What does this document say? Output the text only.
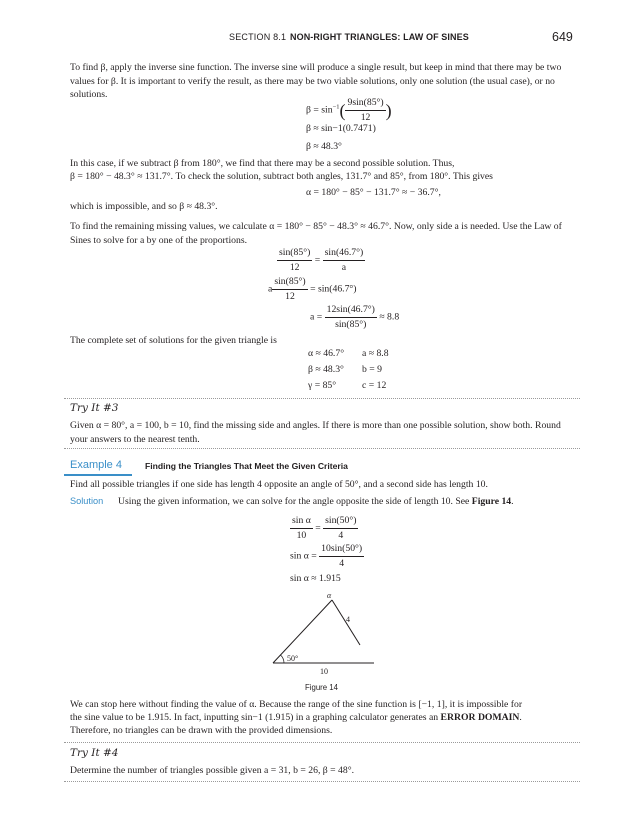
SECTION 8.1 NON-RIGHT TRIANGLES: LAW OF SINES	649

To find β, apply the inverse sine function. The inverse sine will produce a single result, but keep in mind that there may be two values for β. It is important to verify the result, as there may be two viable solutions, only one solution (the usual case), or no solutions.

$\beta = \sin^{-1}( \frac{9\sin(85^\circ)}{12}$ )
β ≈ sin−1(0.7471)
β ≈ 48.3°

In this case, if we subtract β from 180°, we find that there may be a second possible solution. Thus,

β = 180° − 48.3° ≈ 131.7°. To check the solution, subtract both angles, 131.7° and 85°, from 180°. This gives

α = 180° − 85° − 131.7° ≈ − 36.7°,

which is impossible, and so β ≈ 48.3°.

To find the remaining missing values, we calculate α = 180° − 85° − 48.3° ≈ 46.7°. Now, only side a is needed. Use the Law of Sines to solve for a by one of the proportions.

$\frac{\sin(85^\circ)}{12} = \frac{\sin(46.7^\circ)}{a}$
a $\frac{\sin(85^\circ)}{12} = \sin(46.7^\circ)$
$a = \frac{12\sin(46.7^\circ)}{\sin(85^\circ)} \approx 8.8$

The complete set of solutions for the given triangle is

α ≈ 46.7° a ≈ 8.8
β ≈ 48.3° b = 9
γ = 85°	c = 12
Try It #3

Given α = 80°, a = 100, b = 10, find the missing side and angles. If there is more than one possible solution, show both. Round your answers to the nearest tenth.

Example 4	Finding the Triangles That Meet the Given Criteria

Find all possible triangles if one side has length 4 opposite an angle of 50°, and a second side has length 10.

Solution Using the given information, we can solve for the angle opposite the side of length 10. See Figure 14.

$\frac{\text{sin α}}{10} = \frac{\sin(50^\circ)}{4}$
$\sin \alpha = \frac{10\sin(50^\circ)}{4}$
sin α ≈ 1.915
α
4
50°
10
Figure 14

We can stop here without finding the value of α. Because the range of the sine function is [−1, 1], it is impossible for

the sine value to be 1.915. In fact, inputting sin−1 (1.915) in a graphing calculator generates an ERROR DOMAIN.

Therefore, no triangles can be drawn with the provided dimensions.

Try It #4

Determine the number of triangles possible given a = 31, b = 26, β = 48°.
